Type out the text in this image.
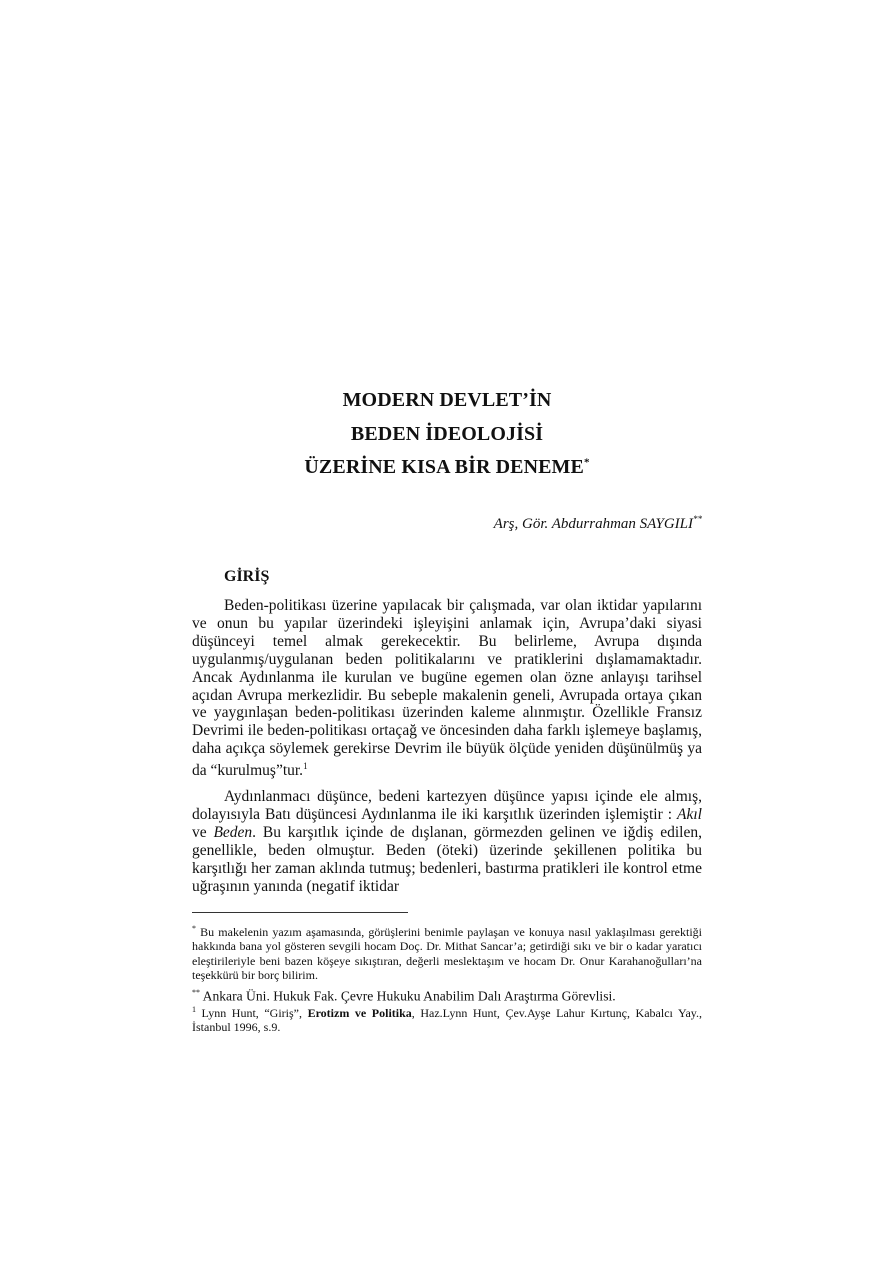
MODERN DEVLET’İN
BEDEN İDEOLOJİSİ
ÜZERİNE KISA BİR DENEME*
Arş, Gör. Abdurrahman SAYGILI**
GİRİŞ

Beden-politikası üzerine yapılacak bir çalışmada, var olan iktidar yapılarını ve onun bu yapılar üzerindeki işleyişini anlamak için, Avrupa’daki siyasi düşünceyi temel almak gerekecektir. Bu belirleme, Avrupa dışında uygulanmış/uygulanan beden politikalarını ve pratiklerini dışlamamaktadır. Ancak Aydınlanma ile kurulan ve bugüne egemen olan özne anlayışı tarihsel açıdan Avrupa merkezlidir. Bu sebeple makalenin geneli, Avrupada ortaya çıkan ve yaygınlaşan beden-politikası üzerinden kaleme alınmıştır. Özellikle Fransız Devrimi ile beden-politikası ortaçağ ve öncesinden daha farklı işlemeye başlamış, daha açıkça söylemek gerekirse Devrim ile büyük ölçüde yeniden düşünülmüş ya da “kurulmuş”tur.$^1$

Aydınlanmacı düşünce, bedeni kartezyen düşünce yapısı içinde ele almış, dolayısıyla Batı düşüncesi Aydınlanma ile iki karşıtlık üzerinden işlemiştir : Akıl ve Beden. Bu karşıtlık içinde de dışlanan, görmezden gelinen ve iğdiş edilen, genellikle, beden olmuştur. Beden (öteki) üzerinde şekillenen politika bu karşıtlığı her zaman aklında tutmuş; bedenleri, bastırma pratikleri ile kontrol etme uğraşının yanında (negatif iktidar

* Bu makelenin yazım aşamasında, görüşlerini benimle paylaşan ve konuya nasıl yaklaşılması gerektiği hakkında bana yol gösteren sevgili hocam Doç. Dr. Mithat Sancar’a; getirdiği sıkı ve bir o kadar yaratıcı eleştirileriyle beni bazen köşeye sıkıştıran, değerli meslektaşım ve hocam Dr. Onur Karahanoğulları’na teşekkürü bir borç bilirim.
** Ankara Üni. Hukuk Fak. Çevre Hukuku Anabilim Dalı Araştırma Görevlisi.
$^1$ Lynn Hunt, “Giriş”, Erotizm ve Politika, Haz.Lynn Hunt, Çev.Ayşe Lahur Kırtunç, Kabalcı Yay., İstanbul 1996, s.9.
